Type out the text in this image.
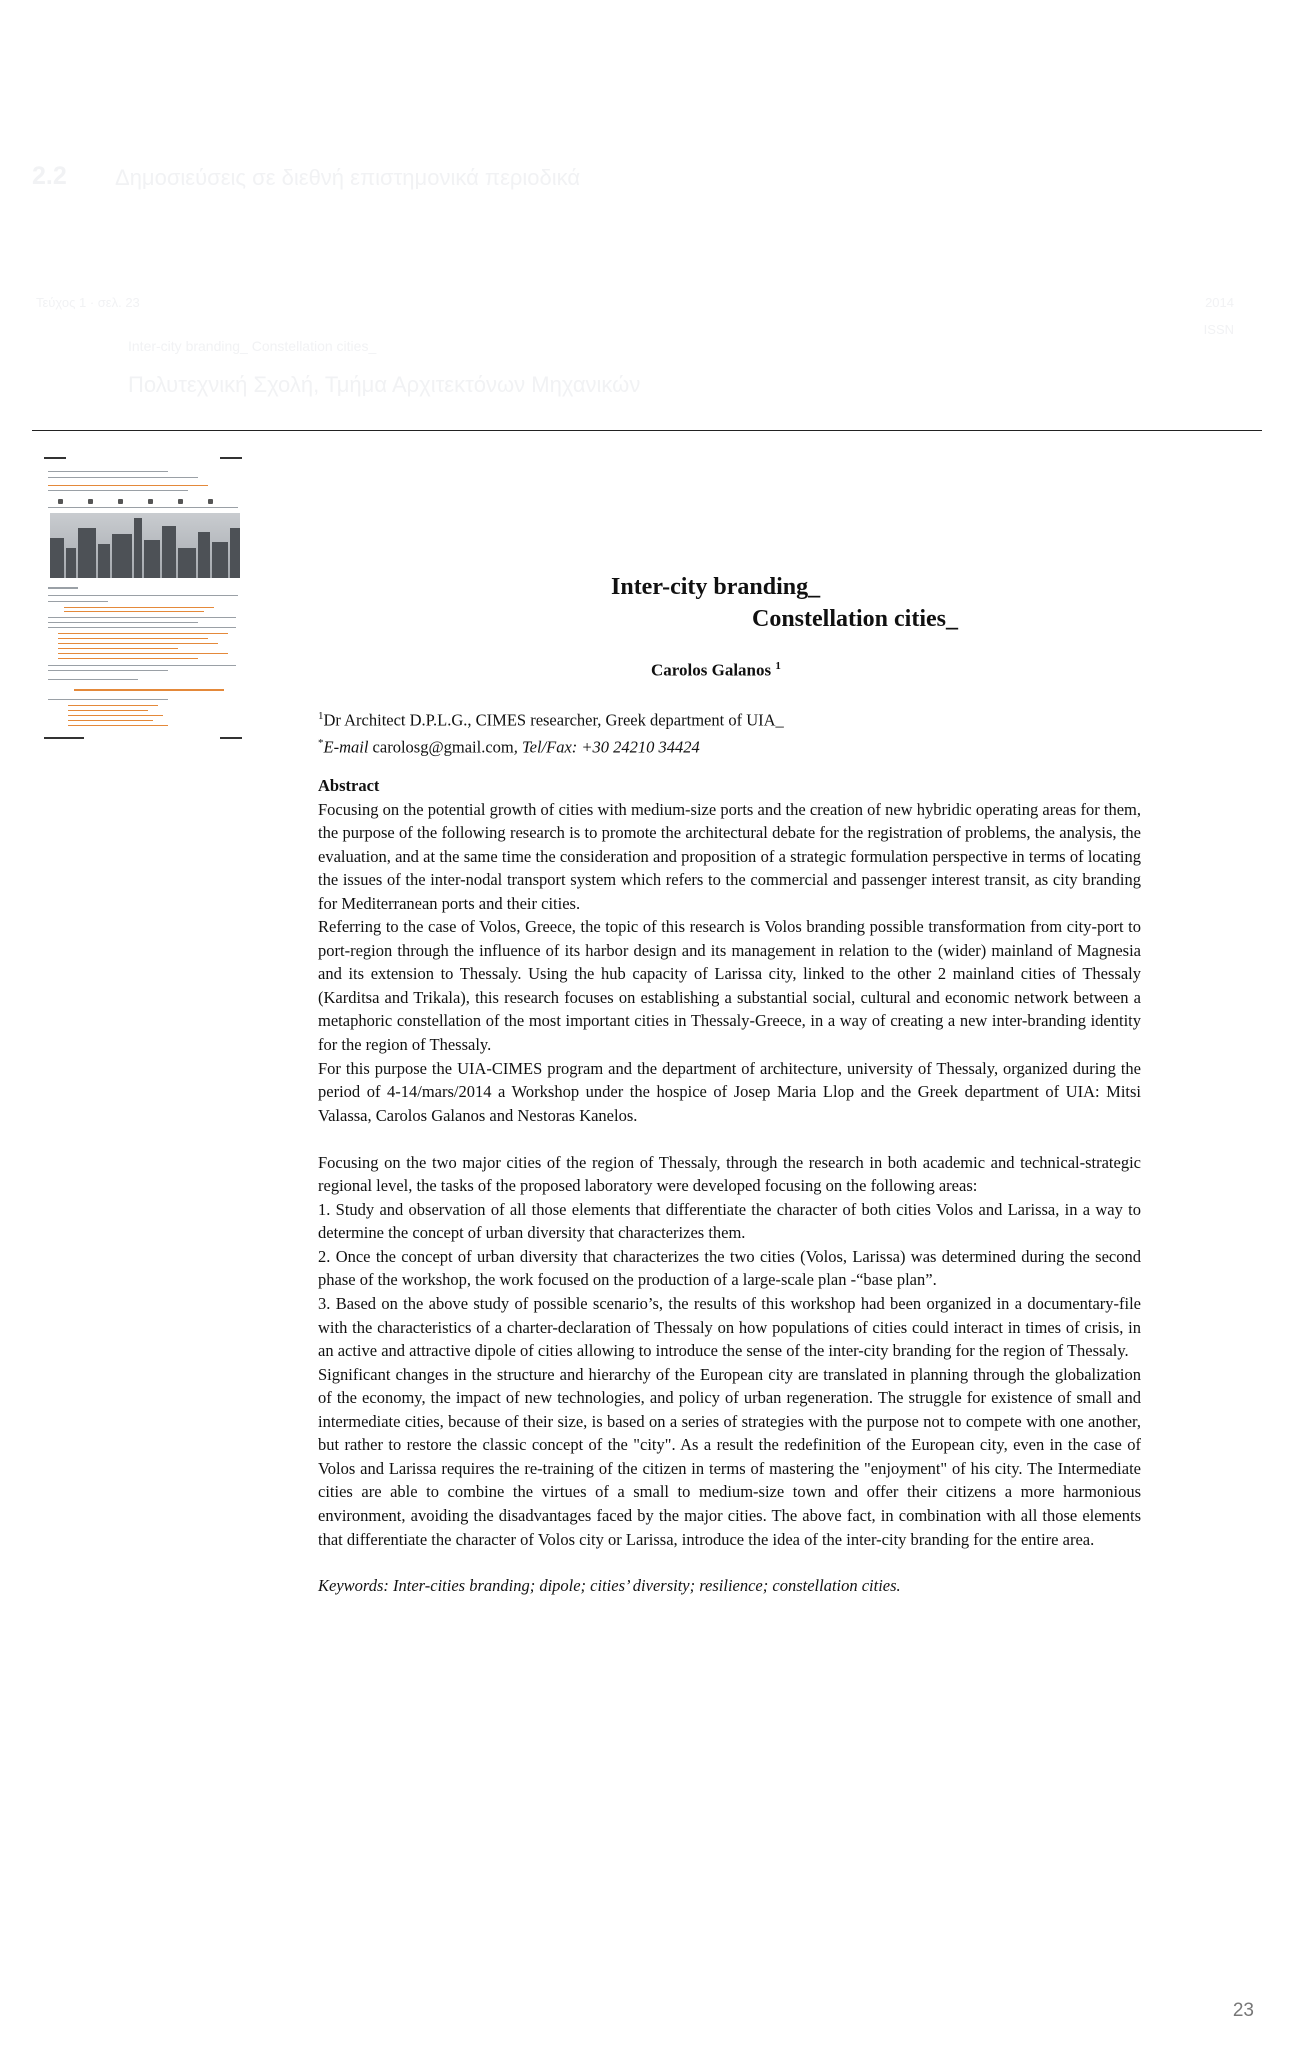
2.2 Δημοσιεύσεις σε διεθνή επιστημονικά περιοδικά
Τεύχος 1 · σελ. 23
Inter-city branding_ Constellation cities_
Πολυτεχνική Σχολή, Τμήμα Αρχιτεκτόνων Μηχανικών
2014
ISSN
Inter-city branding_
Constellation cities_
Carolos Galanos $^1$
$^1$Dr Architect D.P.L.G., CIMES researcher, Greek department of UIA_
*E-mail carolosg@gmail.com, Tel/Fax: +30 24210 34424

Abstract

Focusing on the potential growth of cities with medium-size ports and the creation of new hybridic operating areas for them, the purpose of the following research is to promote the architectural debate for the registration of problems, the analysis, the evaluation, and at the same time the consideration and proposition of a strategic formulation perspective in terms of locating the issues of the inter-nodal transport system which refers to the commercial and passenger interest transit, as city branding for Mediterranean ports and their cities.

Referring to the case of Volos, Greece, the topic of this research is Volos branding possible transformation from city-port to port-region through the influence of its harbor design and its management in relation to the (wider) mainland of Magnesia and its extension to Thessaly. Using the hub capacity of Larissa city, linked to the other 2 mainland cities of Thessaly (Karditsa and Trikala), this research focuses on establishing a substantial social, cultural and economic network between a metaphoric constellation of the most important cities in Thessaly-Greece, in a way of creating a new inter-branding identity for the region of Thessaly.

For this purpose the UIA-CIMES program and the department of architecture, university of Thessaly, organized during the period of 4-14/mars/2014 a Workshop under the hospice of Josep Maria Llop and the Greek department of UIA: Mitsi Valassa, Carolos Galanos and Nestoras Kanelos.

Focusing on the two major cities of the region of Thessaly, through the research in both academic and technical-strategic regional level, the tasks of the proposed laboratory were developed focusing on the following areas:

1. Study and observation of all those elements that differentiate the character of both cities Volos and Larissa, in a way to determine the concept of urban diversity that characterizes them.

2. Once the concept of urban diversity that characterizes the two cities (Volos, Larissa) was determined during the second phase of the workshop, the work focused on the production of a large-scale plan -“base plan”.

3. Based on the above study of possible scenario’s, the results of this workshop had been organized in a documentary-file with the characteristics of a charter-declaration of Thessaly on how populations of cities could interact in times of crisis, in an active and attractive dipole of cities allowing to introduce the sense of the inter-city branding for the region of Thessaly.

Significant changes in the structure and hierarchy of the European city are translated in planning through the globalization of the economy, the impact of new technologies, and policy of urban regeneration. The struggle for existence of small and intermediate cities, because of their size, is based on a series of strategies with the purpose not to compete with one another, but rather to restore the classic concept of the "city". As a result the redefinition of the European city, even in the case of Volos and Larissa requires the re-training of the citizen in terms of mastering the "enjoyment" of his city. The Intermediate cities are able to combine the virtues of a small to medium-size town and offer their citizens a more harmonious environment, avoiding the disadvantages faced by the major cities. The above fact, in combination with all those elements that differentiate the character of Volos city or Larissa, introduce the idea of the inter-city branding for the entire area.

Keywords: Inter-cities branding; dipole; cities’ diversity; resilience; constellation cities.

23
